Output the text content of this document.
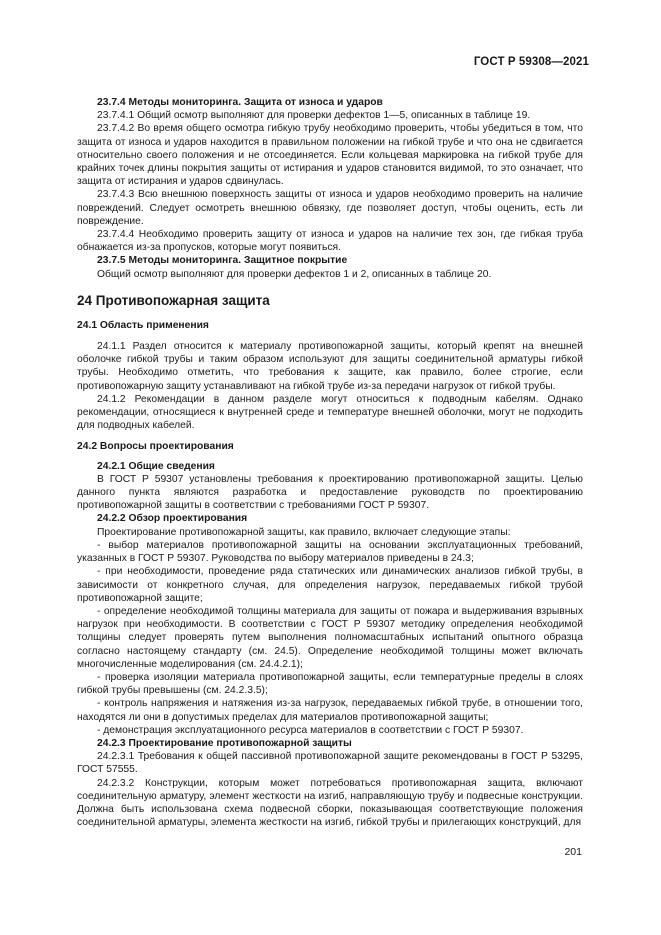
ГОСТ Р 59308—2021

23.7.4 Методы мониторинга. Защита от износа и ударов

23.7.4.1 Общий осмотр выполняют для проверки дефектов 1—5, описанных в таблице 19.

23.7.4.2 Во время общего осмотра гибкую трубу необходимо проверить, чтобы убедиться в том, что защита от износа и ударов находится в правильном положении на гибкой трубе и что она не сдвигается относительно своего положения и не отсоединяется. Если кольцевая маркировка на гибкой трубе для крайних точек длины покрытия защиты от истирания и ударов становится видимой, то это означает, что защита от истирания и ударов сдвинулась.

23.7.4.3 Всю внешнюю поверхность защиты от износа и ударов необходимо проверить на наличие повреждений. Следует осмотреть внешнюю обвязку, где позволяет доступ, чтобы оценить, есть ли повреждение.

23.7.4.4 Необходимо проверить защиту от износа и ударов на наличие тех зон, где гибкая труба обнажается из-за пропусков, которые могут появиться.

23.7.5 Методы мониторинга. Защитное покрытие

Общий осмотр выполняют для проверки дефектов 1 и 2, описанных в таблице 20.

24 Противопожарная защита

24.1 Область применения

24.1.1 Раздел относится к материалу противопожарной защиты, который крепят на внешней оболочке гибкой трубы и таким образом используют для защиты соединительной арматуры гибкой трубы. Необходимо отметить, что требования к защите, как правило, более строгие, если противопожарную защиту устанавливают на гибкой трубе из-за передачи нагрузок от гибкой трубы.

24.1.2 Рекомендации в данном разделе могут относиться к подводным кабелям. Однако рекомендации, относящиеся к внутренней среде и температуре внешней оболочки, могут не подходить для подводных кабелей.

24.2 Вопросы проектирования

24.2.1 Общие сведения

В ГОСТ Р 59307 установлены требования к проектированию противопожарной защиты. Целью данного пункта являются разработка и предоставление руководств по проектированию противопожарной защиты в соответствии с требованиями ГОСТ Р 59307.

24.2.2 Обзор проектирования

Проектирование противопожарной защиты, как правило, включает следующие этапы:

- выбор материалов противопожарной защиты на основании эксплуатационных требований, указанных в ГОСТ Р 59307. Руководства по выбору материалов приведены в 24.3;

- при необходимости, проведение ряда статических или динамических анализов гибкой трубы, в зависимости от конкретного случая, для определения нагрузок, передаваемых гибкой трубой противопожарной защите;

- определение необходимой толщины материала для защиты от пожара и выдерживания взрывных нагрузок при необходимости. В соответствии с ГОСТ Р 59307 методику определения необходимой толщины следует проверять путем выполнения полномасштабных испытаний опытного образца согласно настоящему стандарту (см. 24.5). Определение необходимой толщины может включать многочисленные моделирования (см. 24.4.2.1);

- проверка изоляции материала противопожарной защиты, если температурные пределы в слоях гибкой трубы превышены (см. 24.2.3.5);

- контроль напряжения и натяжения из-за нагрузок, передаваемых гибкой трубе, в отношении того, находятся ли они в допустимых пределах для материалов противопожарной защиты;

- демонстрация эксплуатационного ресурса материалов в соответствии с ГОСТ Р 59307.

24.2.3 Проектирование противопожарной защиты

24.2.3.1 Требования к общей пассивной противопожарной защите рекомендованы в ГОСТ Р 53295, ГОСТ 57555.

24.2.3.2 Конструкции, которым может потребоваться противопожарная защита, включают соединительную арматуру, элемент жесткости на изгиб, направляющую трубу и подвесные конструкции. Должна быть использована схема подвесной сборки, показывающая соответствующие положения соединительной арматуры, элемента жесткости на изгиб, гибкой трубы и прилегающих конструкций, для

201
